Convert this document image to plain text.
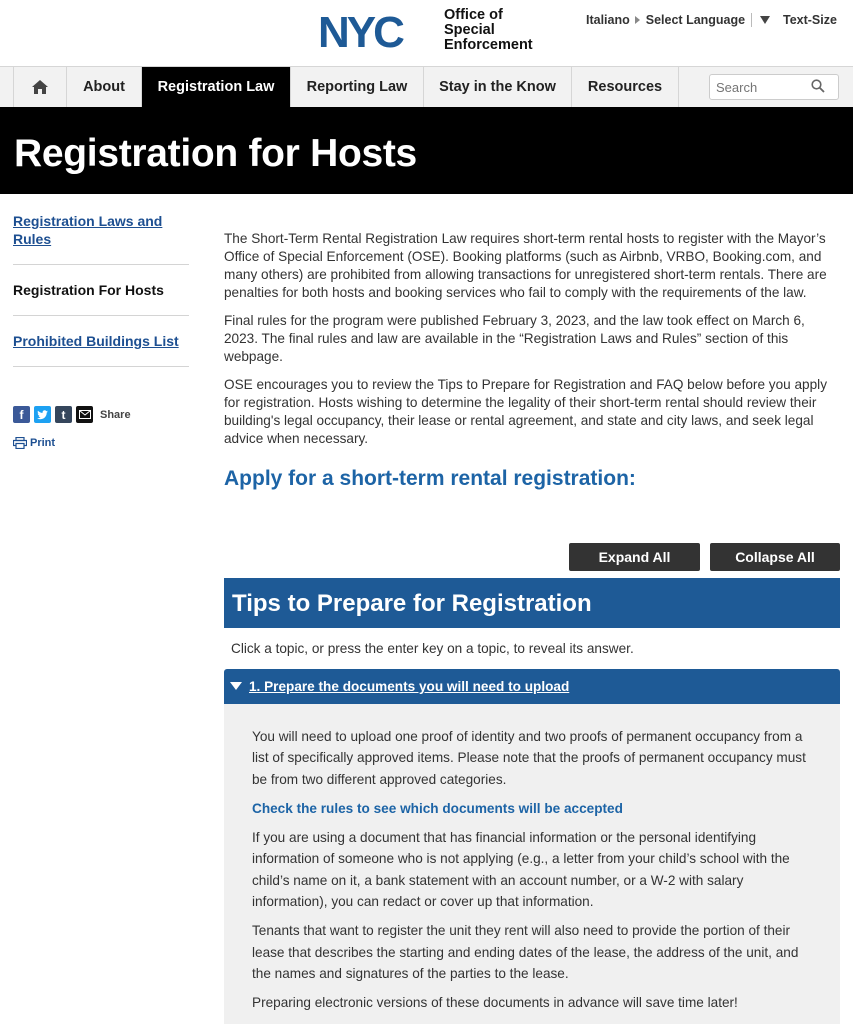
NYC	Office of
Special
Enforcement
Italiano Select Language	Text-Size
About	Registration Law	Reporting Law	Stay in the Know	Resources
Search
Registration for Hosts
Registration Laws and Rules
Registration For Hosts
Prohibited Buildings List
f	t	Share
Print

The Short-Term Rental Registration Law requires short-term rental hosts to register with the Mayor’s Office of Special Enforcement (OSE). Booking platforms (such as Airbnb, VRBO, Booking.com, and many others) are prohibited from allowing transactions for unregistered short-term rentals. There are penalties for both hosts and booking services who fail to comply with the requirements of the law.

Final rules for the program were published February 3, 2023, and the law took effect on March 6, 2023. The final rules and law are available in the “Registration Laws and Rules” section of this webpage.

OSE encourages you to review the Tips to Prepare for Registration and FAQ below before you apply for registration. Hosts wishing to determine the legality of their short-term rental should review their building's legal occupancy, their lease or rental agreement, and state and city laws, and seek legal advice when necessary.

Apply for a short-term rental registration:
Expand All	Collapse All
Tips to Prepare for Registration
Click a topic, or press the enter key on a topic, to reveal its answer.
1. Prepare the documents you will need to upload

You will need to upload one proof of identity and two proofs of permanent occupancy from a list of specifically approved items. Please note that the proofs of permanent occupancy must be from two different approved categories.

Check the rules to see which documents will be accepted

If you are using a document that has financial information or the personal identifying information of someone who is not applying (e.g., a letter from your child’s school with the child’s name on it, a bank statement with an account number, or a W-2 with salary information), you can redact or cover up that information.

Tenants that want to register the unit they rent will also need to provide the portion of their lease that describes the starting and ending dates of the lease, the address of the unit, and the names and signatures of the parties to the lease.

Preparing electronic versions of these documents in advance will save time later!
